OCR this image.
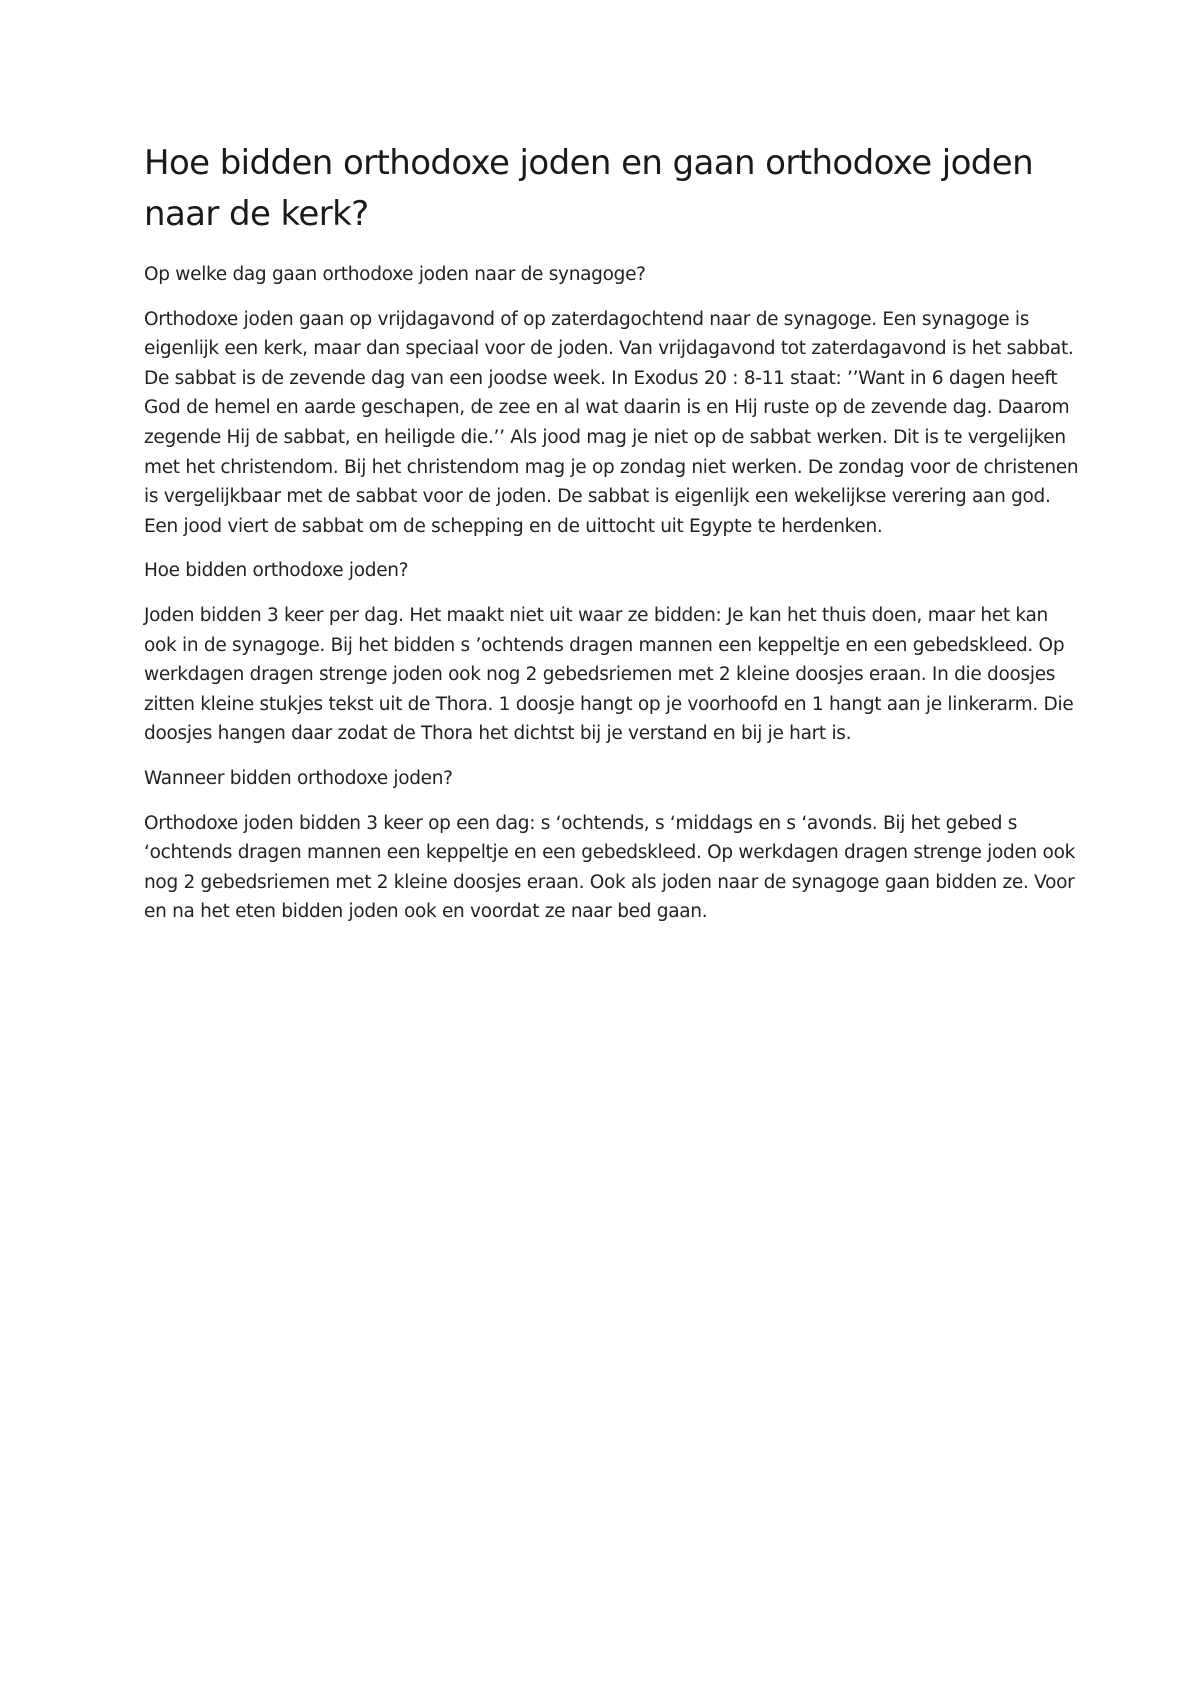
Hoe bidden orthodoxe joden en gaan orthodoxe joden naar de kerk?

Op welke dag gaan orthodoxe joden naar de synagoge?

Orthodoxe joden gaan op vrijdagavond of op zaterdagochtend naar de synagoge. Een synagoge is eigenlijk een kerk, maar dan speciaal voor de joden. Van vrijdagavond tot zaterdagavond is het sabbat. De sabbat is de zevende dag van een joodse week. In Exodus 20 : 8-11 staat: ’’Want in 6 dagen heeft God de hemel en aarde geschapen, de zee en al wat daarin is en Hij ruste op de zevende dag. Daarom zegende Hij de sabbat, en heiligde die.’’ Als jood mag je niet op de sabbat werken. Dit is te vergelijken met het christendom. Bij het christendom mag je op zondag niet werken. De zondag voor de christenen is vergelijkbaar met de sabbat voor de joden. De sabbat is eigenlijk een wekelijkse verering aan god. Een jood viert de sabbat om de schepping en de uittocht uit Egypte te herdenken.

Hoe bidden orthodoxe joden?

Joden bidden 3 keer per dag. Het maakt niet uit waar ze bidden: Je kan het thuis doen, maar het kan ook in de synagoge. Bij het bidden s ’ochtends dragen mannen een keppeltje en een gebedskleed. Op werkdagen dragen strenge joden ook nog 2 gebedsriemen met 2 kleine doosjes eraan. In die doosjes zitten kleine stukjes tekst uit de Thora. 1 doosje hangt op je voorhoofd en 1 hangt aan je linkerarm. Die doosjes hangen daar zodat de Thora het dichtst bij je verstand en bij je hart is.

Wanneer bidden orthodoxe joden?

Orthodoxe joden bidden 3 keer op een dag: s ‘ochtends, s ‘middags en s ‘avonds. Bij het gebed s ‘ochtends dragen mannen een keppeltje en een gebedskleed. Op werkdagen dragen strenge joden ook nog 2 gebedsriemen met 2 kleine doosjes eraan. Ook als joden naar de synagoge gaan bidden ze. Voor en na het eten bidden joden ook en voordat ze naar bed gaan.
